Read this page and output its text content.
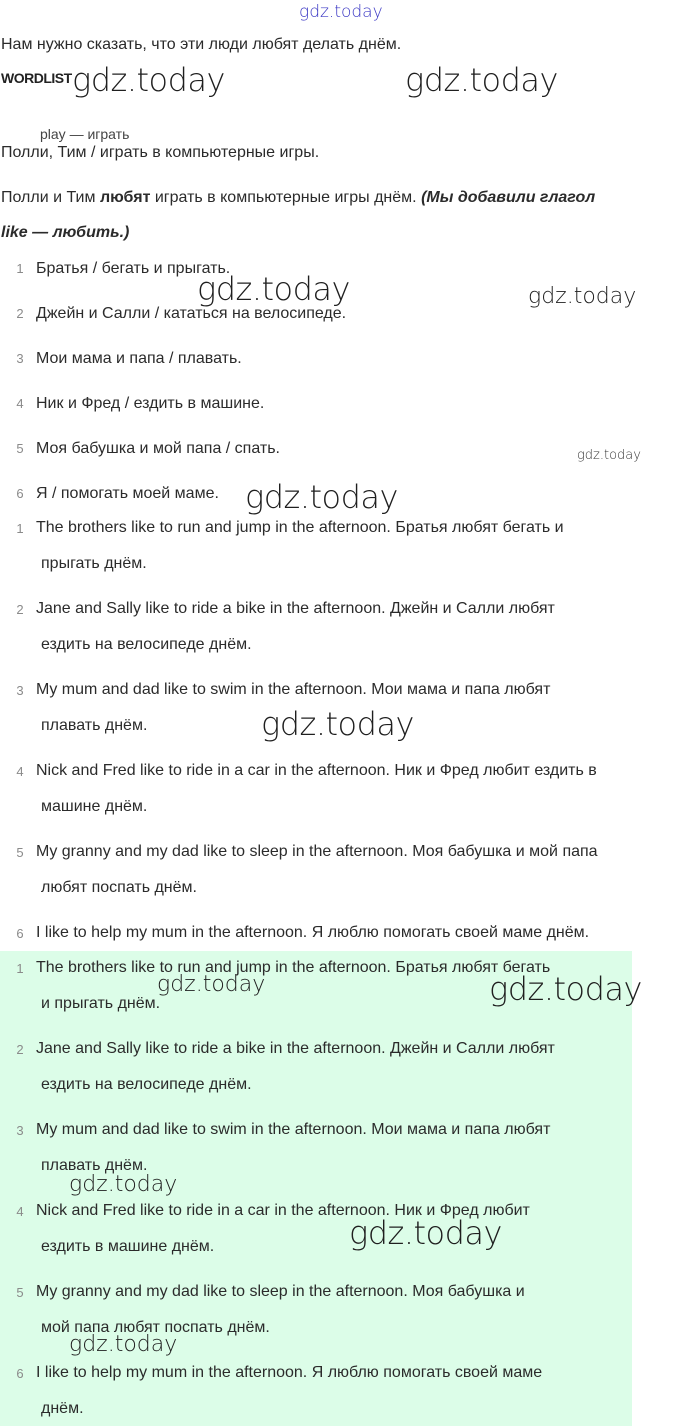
gdz.today
Нам нужно сказать, что эти люди любят делать днём.
WORDLIST
play — играть
Полли, Тим / играть в компьютерные игры.
Полли и Тим любят играть в компьютерные игры днём. (Мы добавили глагол
like — любить.)
1 Братья / бегать и прыгать.
2 Джейн и Салли / кататься на велосипеде.
3 Мои мама и папа / плавать.
4 Ник и Фред / ездить в машине.
5 Моя бабушка и мой папа / спать.
6 Я / помогать моей маме.
1 The brothers like to run and jump in the afternoon. Братья любят бегать и
прыгать днём.
2 Jane and Sally like to ride a bike in the afternoon. Джейн и Салли любят
ездить на велосипеде днём.
3 My mum and dad like to swim in the afternoon. Мои мама и папа любят
плавать днём.
4 Nick and Fred like to ride in a car in the afternoon. Ник и Фред любит ездить в
машине днём.
5 My granny and my dad like to sleep in the afternoon. Моя бабушка и мой папа
любят поспать днём.
6 I like to help my mum in the afternoon. Я люблю помогать своей маме днём.
1 The brothers like to run and jump in the afternoon. Братья любят бегать
и прыгать днём.
2 Jane and Sally like to ride a bike in the afternoon. Джейн и Салли любят
ездить на велосипеде днём.
3 My mum and dad like to swim in the afternoon. Мои мама и папа любят
плавать днём.
4 Nick and Fred like to ride in a car in the afternoon. Ник и Фред любит
ездить в машине днём.
5 My granny and my dad like to sleep in the afternoon. Моя бабушка и
мой папа любят поспать днём.
6 I like to help my mum in the afternoon. Я люблю помогать своей маме
днём.
gdz.today	gdz.today
gdz.today	gdz.today
gdz.today
gdz.today
gdz.today
gdz.today	gdz.today
gdz.today
gdz.today
gdz.today
